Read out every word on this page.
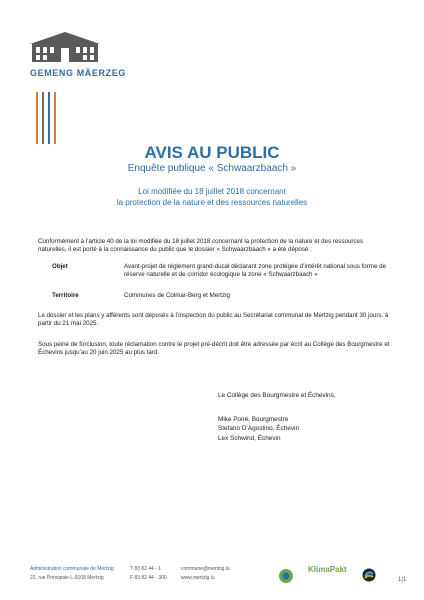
GEMENG MÄERZEG
AVIS AU PUBLIC
Enquête publique « Schwaarzbaach »
Loi modifiée du 18 juillet 2018 concernant
la protection de la nature et des ressources naturelles
Conformément à l’article 40 de la loi modifiée du 18 juillet 2018 concernant la protection de la nature et des ressources naturelles, il est porté à la connaissance du public que le dossier « Schwaarzbaach » a été déposé :
Objet	Avant-projet de règlement grand-ducal déclarant zone protégée d’intérêt national sous forme de réserve naturelle et de corridor écologique la zone « Schwaarzbaach »
Territoire	Communes de Colmar-Berg et Mertzig
Le dossier et les plans y afférents sont déposés à l’inspection du public au Secrétariat communal de Mertzig pendant 30 jours, à partir du 21 mai 2025.
Sous peine de forclusion, toute réclamation contre le projet pré-décrit doit être adressée par écrit au Collège des Bourgmestre et Échevins jusqu’au 20 juin 2025 au plus tard.
Le Collège des Bourgmestre et Échevins,
Mike Poiré, Bourgmestre
Stefano D’Agostino, Échevin
Lex Schwind, Échevin
Administration communale de Mertzig
22, rue Principale L-9168 Mertzig
T 83 82 44 - 1
F 83 82 44 - 300
commune@mertzig.lu
www.mertzig.lu
KlimaPakt
1|1
